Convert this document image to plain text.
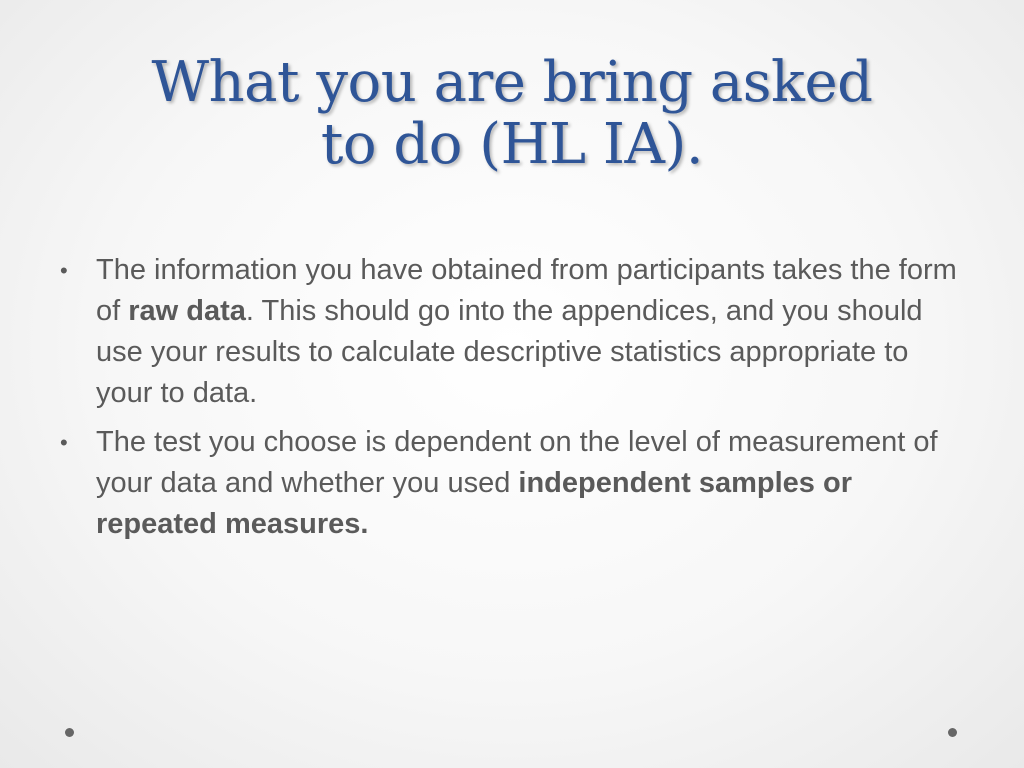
What you are bring asked
to do (HL IA).
• The information you have obtained from participants takes the form of raw data. This should go into the appendices, and you should use your results to calculate descriptive statistics appropriate to your to data.
• The test you choose is dependent on the level of measurement of your data and whether you used independent samples or repeated measures.
